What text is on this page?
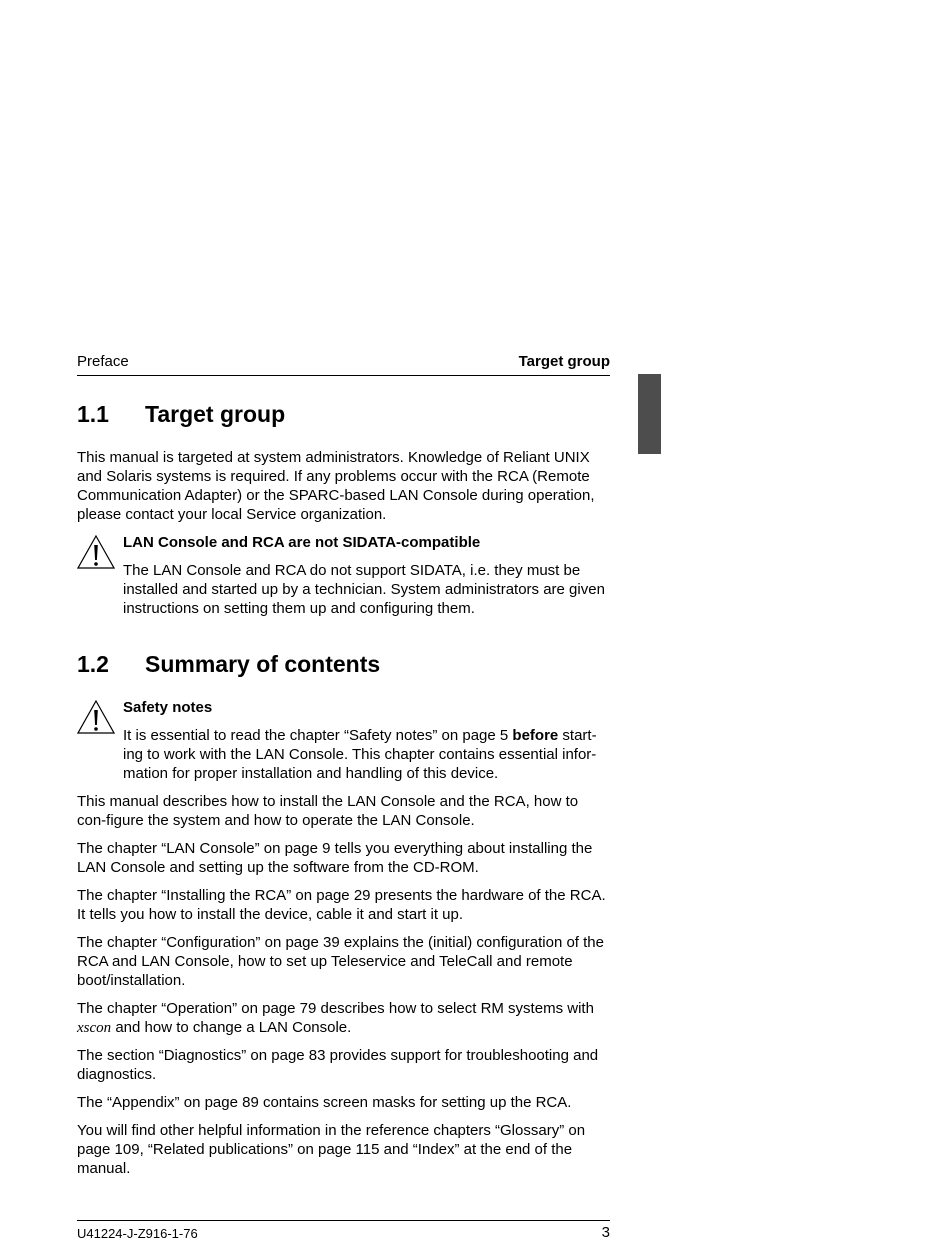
Preface	Target group
1.1 Target group

This manual is targeted at system administrators. Knowledge of Reliant UNIX and Solaris systems is required. If any problems occur with the RCA (Remote Communication Adapter) or the SPARC-based LAN Console during operation, please contact your local Service organization.

LAN Console and RCA are not SIDATA-compatible

The LAN Console and RCA do not support SIDATA, i.e. they must be installed and started up by a technician. System administrators are given instructions on setting them up and configuring them.

1.2 Summary of contents

Safety notes

It is essential to read the chapter “Safety notes” on page 5 before start-ing to work with the LAN Console. This chapter contains essential infor-mation for proper installation and handling of this device.

This manual describes how to install the LAN Console and the RCA, how to con-figure the system and how to operate the LAN Console.

The chapter “LAN Console” on page 9 tells you everything about installing the LAN Console and setting up the software from the CD-ROM.

The chapter “Installing the RCA” on page 29 presents the hardware of the RCA. It tells you how to install the device, cable it and start it up.

The chapter “Configuration” on page 39 explains the (initial) configuration of the RCA and LAN Console, how to set up Teleservice and TeleCall and remote boot/installation.

The chapter “Operation” on page 79 describes how to select RM systems with xscon and how to change a LAN Console.

The section “Diagnostics” on page 83 provides support for troubleshooting and diagnostics.

The “Appendix” on page 89 contains screen masks for setting up the RCA.

You will find other helpful information in the reference chapters “Glossary” on page 109, “Related publications” on page 115 and “Index” at the end of the manual.

U41224-J-Z916-1-76	3
